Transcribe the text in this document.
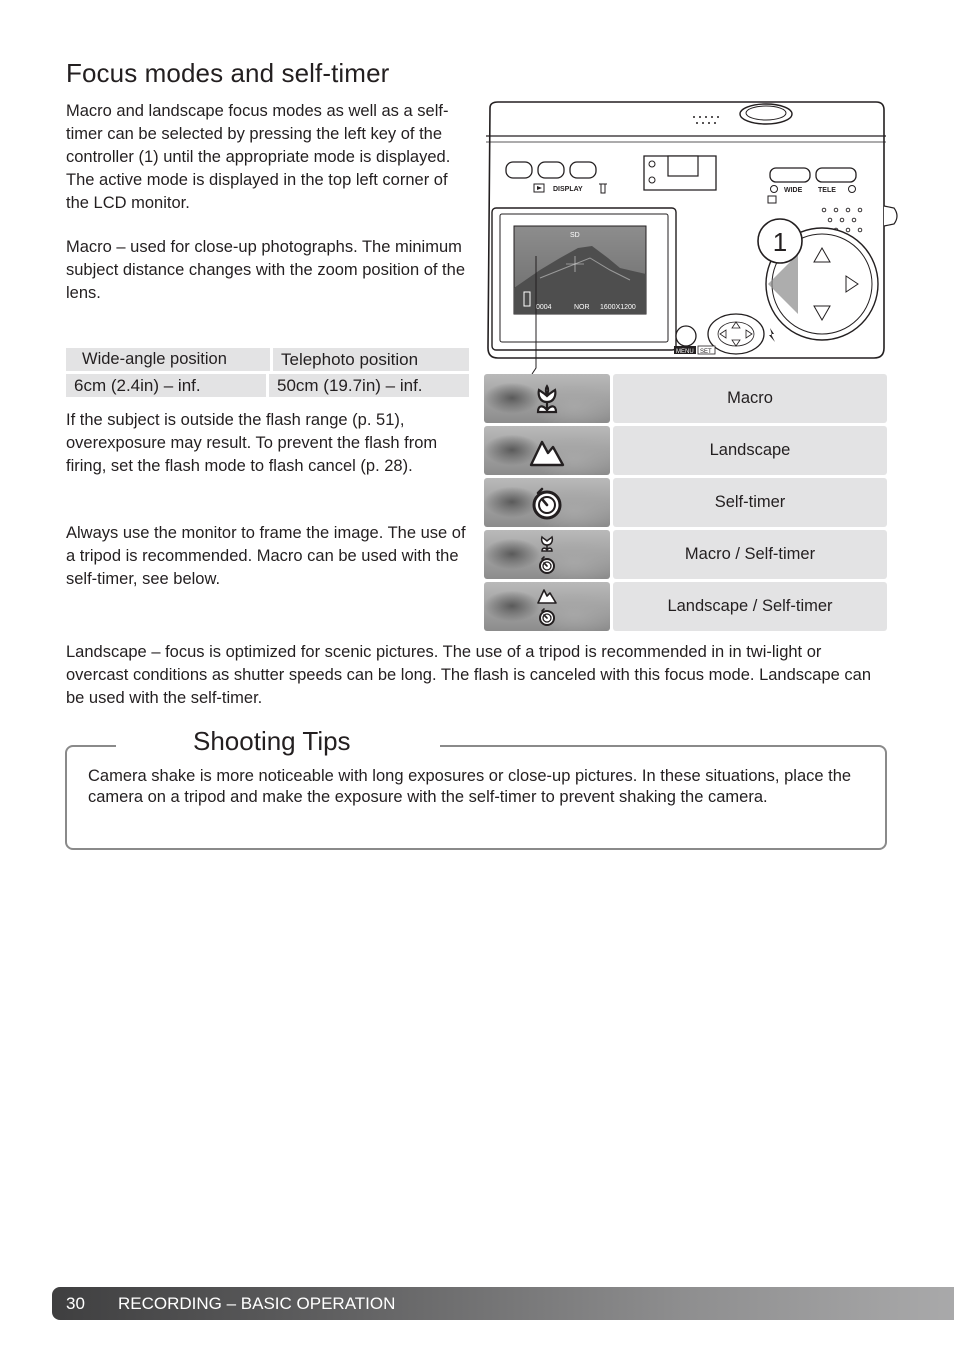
Focus modes and self-timer

Macro and landscape focus modes as well as a self-timer can be selected by pressing the left key of the controller (1) until the appropriate mode is displayed. The active mode is displayed in the top left corner of the LCD monitor.

Macro – used for close-up photographs. The minimum subject distance changes with the zoom position of the lens.

Wide-angle position	Telephoto position
6cm (2.4in) – inf.	50cm (19.7in) – inf.

If the subject is outside the flash range (p. 51), overexposure may result. To prevent the flash from firing, set the flash mode to flash cancel (p. 28).

Always use the monitor to frame the image. The use of a tripod is recommended. Macro can be used with the self-timer, see below.

DISPLAY
SD
0004	NOR 1600X1200
WIDE TELE
1
MENU SET
Macro
Landscape
Self-timer
Macro / Self-timer
Landscape / Self-timer

Landscape – focus is optimized for scenic pictures. The use of a tripod is recommended in in twi-light or overcast conditions as shutter speeds can be long. The flash is canceled with this focus mode. Landscape can be used with the self-timer.

Shooting Tips

Camera shake is more noticeable with long exposures or close-up pictures. In these situations, place the camera on a tripod and make the exposure with the self-timer to prevent shaking the camera.

30 RECORDING – BASIC OPERATION
